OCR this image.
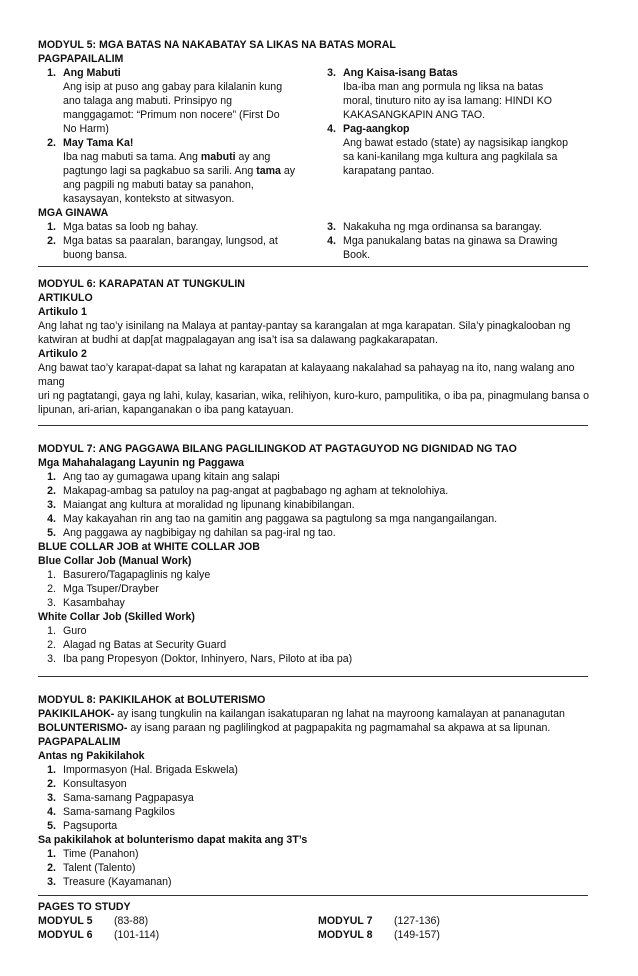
MODYUL 5: MGA BATAS NA NAKABATAY SA LIKAS NA BATAS MORAL
PAGPAPAILALIM
1. Ang Mabuti
Ang isip at puso ang gabay para kilalanin kung
ano talaga ang mabuti. Prinsipyo ng
manggagamot: “Primum non nocere” (First Do
No Harm)
2. May Tama Ka!
Iba nag mabuti sa tama. Ang mabuti ay ang
pagtungo lagi sa pagkabuo sa sarili. Ang tama ay
ang pagpili ng mabuti batay sa panahon,
kasaysayan, konteksto at sitwasyon.
3. Ang Kaisa-isang Batas
Iba-iba man ang pormula ng liksa na batas
moral, tinuturo nito ay isa lamang: HINDI KO
KAKASANGKAPIN ANG TAO.
4. Pag-aangkop
Ang bawat estado (state) ay nagsisikap iangkop
sa kani-kanilang mga kultura ang pagkilala sa
karapatang pantao.
MGA GINAWA
1. Mga batas sa loob ng bahay.
2. Mga batas sa paaralan, barangay, lungsod, at
buong bansa.
3. Nakakuha ng mga ordinansa sa barangay.
4. Mga panukalang batas na ginawa sa Drawing
Book.
MODYUL 6: KARAPATAN AT TUNGKULIN
ARTIKULO
Artikulo 1

Ang lahat ng tao’y isinilang na Malaya at pantay-pantay sa karangalan at mga karapatan. Sila’y pinagkalooban ng
katwiran at budhi at dap[at magpalagayan ang isa’t isa sa dalawang pagkakarapatan.

Artikulo 2

Ang bawat tao’y karapat-dapat sa lahat ng karapatan at kalayaang nakalahad sa pahayag na ito, nang walang ano mang
uri ng pagtatangi, gaya ng lahi, kulay, kasarian, wika, relihiyon, kuro-kuro, pampulitika, o iba pa, pinagmulang bansa o
lipunan, ari-arian, kapanganakan o iba pang katayuan.

MODYUL 7: ANG PAGGAWA BILANG PAGLILINGKOD AT PAGTAGUYOD NG DIGNIDAD NG TAO
Mga Mahahalagang Layunin ng Paggawa
1. Ang tao ay gumagawa upang kitain ang salapi
2. Makapag-ambag sa patuloy na pag-angat at pagbabago ng agham at teknolohiya.
3. Maiangat ang kultura at moralidad ng lipunang kinabibilangan.
4. May kakayahan rin ang tao na gamitin ang paggawa sa pagtulong sa mga nangangailangan.
5. Ang paggawa ay nagbibigay ng dahilan sa pag-iral ng tao.
BLUE COLLAR JOB at WHITE COLLAR JOB
Blue Collar Job (Manual Work)
1. Basurero/Tagapaglinis ng kalye
2. Mga Tsuper/Drayber
3. Kasambahay
White Collar Job (Skilled Work)
1. Guro
2. Alagad ng Batas at Security Guard
3. Iba pang Propesyon (Doktor, Inhinyero, Nars, Piloto at iba pa)
MODYUL 8: PAKIKILAHOK at BOLUTERISMO

PAKIKILAHOK- ay isang tungkulin na kailangan isakatuparan ng lahat na mayroong kamalayan at pananagutan

BOLUNTERISMO- ay isang paraan ng paglilingkod at pagpapakita ng pagmamahal sa akpawa at sa lipunan.

PAGPAPALALIM
Antas ng Pakikilahok
1. Impormasyon (Hal. Brigada Eskwela)
2. Konsultasyon
3. Sama-samang Pagpapasya
4. Sama-samang Pagkilos
5. Pagsuporta
Sa pakikilahok at bolunterismo dapat makita ang 3T’s
1. Time (Panahon)
2. Talent (Talento)
3. Treasure (Kayamanan)
PAGES TO STUDY
MODYUL 5	(83-88)
MODYUL 6	(101-114)
MODYUL 7	(127-136)
MODYUL 8	(149-157)
